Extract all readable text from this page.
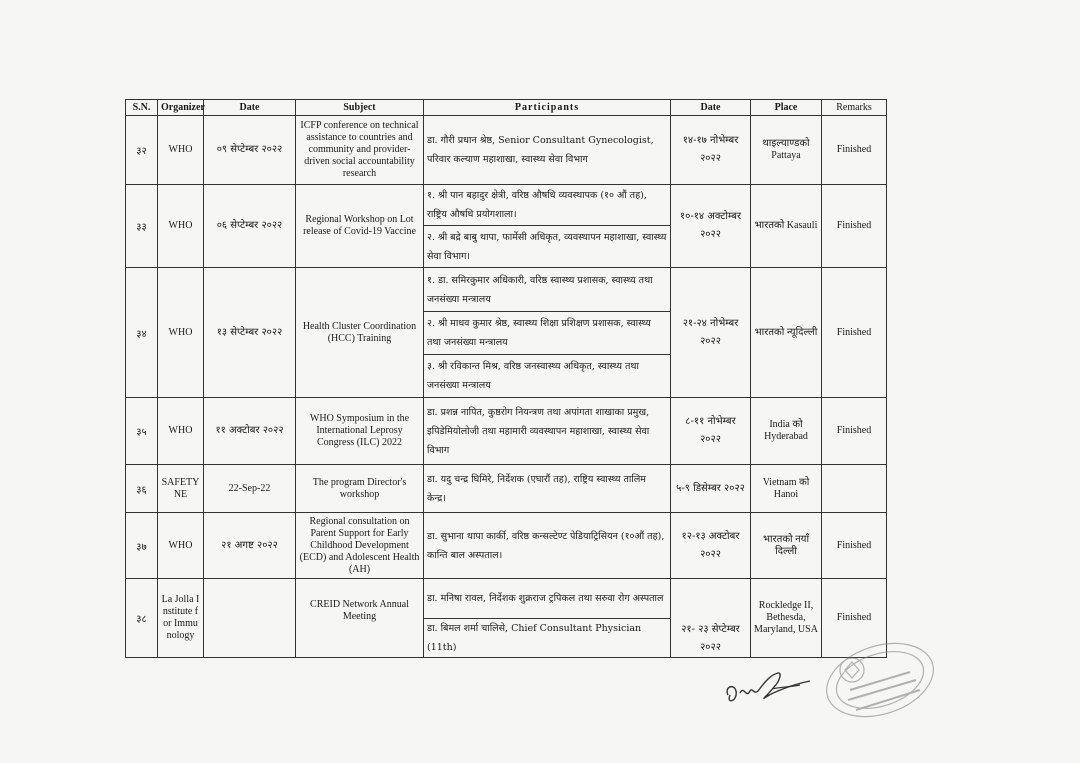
S.N.	Organizer	Date	Subject	Participants	Date	Place	Remarks
३२	WHO	०९ सेप्टेम्बर २०२२	ICFP conference on technical assistance to countries and community and provider-driven social accountability research	डा. गौरी प्रधान श्रेष्ठ, Senior Consultant Gynecologist, परिवार कल्याण महाशाखा, स्वास्थ्य सेवा विभाग	१४-१७ नोभेम्बर २०२२	थाइल्याण्डको Pattaya	Finished
३३	WHO	०६ सेप्टेम्बर २०२२	Regional Workshop on Lot release of Covid-19 Vaccine	१. श्री पान बहादुर क्षेत्री, वरिष्ठ औषधि व्यवस्थापक (१० औं तह), राष्ट्रिय औषधि प्रयोगशाला।	१०-१४ अक्टोम्बर २०२२	भारतको Kasauli	Finished
				२. श्री बद्रे बाबु थापा, फार्मेसी अधिकृत, व्यवस्थापन महाशाखा, स्वास्थ्य सेवा विभाग।			
३४	WHO	१३ सेप्टेम्बर २०२२	Health Cluster Coordination (HCC) Training	१. डा. समिरकुमार अधिकारी, वरिष्ठ स्वास्थ्य प्रशासक, स्वास्थ्य तथा जनसंख्या मन्त्रालय	२१-२४ नोभेम्बर २०२२	भारतको न्यूदिल्ली	Finished
				२. श्री माधव कुमार श्रेष्ठ, स्वास्थ्य शिक्षा प्रशिक्षण प्रशासक, स्वास्थ्य तथा जनसंख्या मन्त्रालय			
				३. श्री रविकान्त मिश्र, वरिष्ठ जनस्वास्थ्य अधिकृत, स्वास्थ्य तथा जनसंख्या मन्त्रालय			
३५	WHO	११ अक्टोबर २०२२	WHO Symposium in the International Leprosy Congress (ILC) 2022	डा. प्रशन्न नापित, कुष्ठरोग नियन्त्रण तथा अपांगता शाखाका प्रमुख, इपिडेमियोलोजी तथा महामारी व्यवस्थापन महाशाखा, स्वास्थ्य सेवा विभाग	८-११ नोभेम्बर २०२२	India को Hyderabad	Finished
३६	SAFETYNE	22-Sep-22	The program Director's workshop	डा. यदु चन्द्र घिमिरे, निर्देशक (एघारौं तह), राष्ट्रिय स्वास्थ्य तालिम केन्द्र।	५-९ डिसेम्बर २०२२	Vietnam को Hanoi	
३७	WHO	२१ अगष्ट २०२२	Regional consultation on Parent Support for Early Childhood Development (ECD) and Adolescent Health (AH)	डा. सुभाना थापा कार्की, वरिष्ठ कन्सल्टेण्ट पेडियाट्रिसियन (१०औं तह), कान्ति बाल अस्पताल।	१२-१३ अक्टोबर २०२२	भारतको नयाँ दिल्ली	Finished
३८	La Jolla Institute for Immunology		CREID Network Annual Meeting	डा. मनिषा रावल, निर्देशक शुक्रराज ट्रपिकल तथा सरुवा रोग अस्पताल	२१- २३ सेप्टेम्बर २०२२	Rockledge II, Bethesda, Maryland, USA	Finished
				डा. बिमल शर्मा चालिसे, Chief Consultant Physician (11th)			
